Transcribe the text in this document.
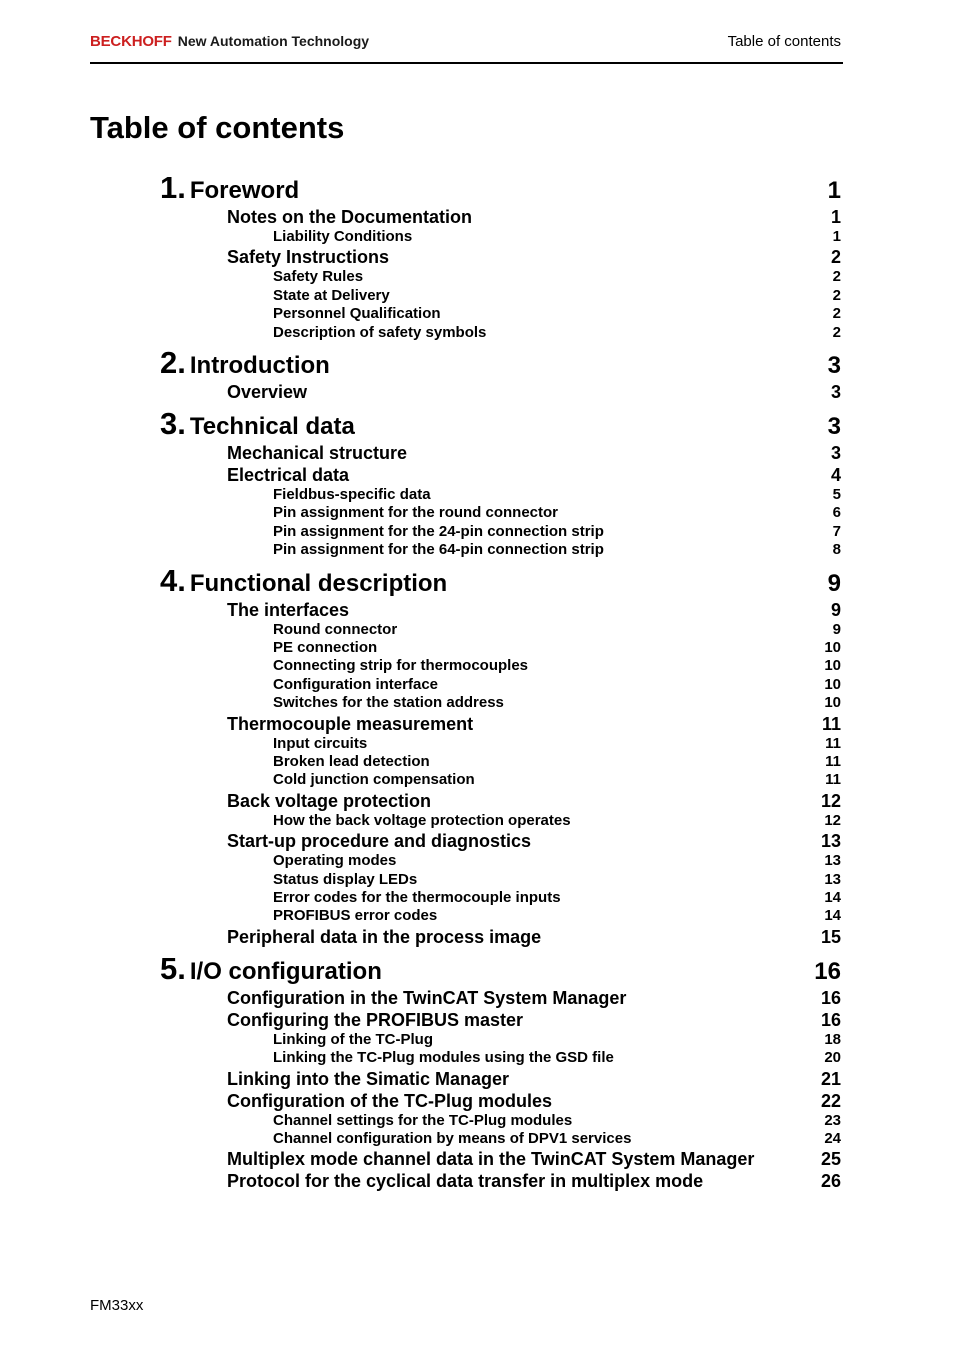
BECKHOFF New Automation Technology	Table of contents
Table of contents
1. Foreword	1
Notes on the Documentation	1
Liability Conditions	1
Safety Instructions	2
Safety Rules	2
State at Delivery	2
Personnel Qualification	2
Description of safety symbols	2
2. Introduction	3
Overview	3
3. Technical data	3
Mechanical structure	3
Electrical data	4
Fieldbus-specific data	5
Pin assignment for the round connector	6
Pin assignment for the 24-pin connection strip	7
Pin assignment for the 64-pin connection strip	8
4. Functional description	9
The interfaces	9
Round connector	9
PE connection	10
Connecting strip for thermocouples	10
Configuration interface	10
Switches for the station address	10
Thermocouple measurement	11
Input circuits	11
Broken lead detection	11
Cold junction compensation	11
Back voltage protection	12
How the back voltage protection operates	12
Start-up procedure and diagnostics	13
Operating modes	13
Status display LEDs	13
Error codes for the thermocouple inputs	14
PROFIBUS error codes	14
Peripheral data in the process image	15
5. I/O configuration	16
Configuration in the TwinCAT System Manager	16
Configuring the PROFIBUS master	16
Linking of the TC-Plug	18
Linking the TC-Plug modules using the GSD file	20
Linking into the Simatic Manager	21
Configuration of the TC-Plug modules	22
Channel settings for the TC-Plug modules	23
Channel configuration by means of DPV1 services	24
Multiplex mode channel data in the TwinCAT System Manager	25
Protocol for the cyclical data transfer in multiplex mode	26
FM33xx
